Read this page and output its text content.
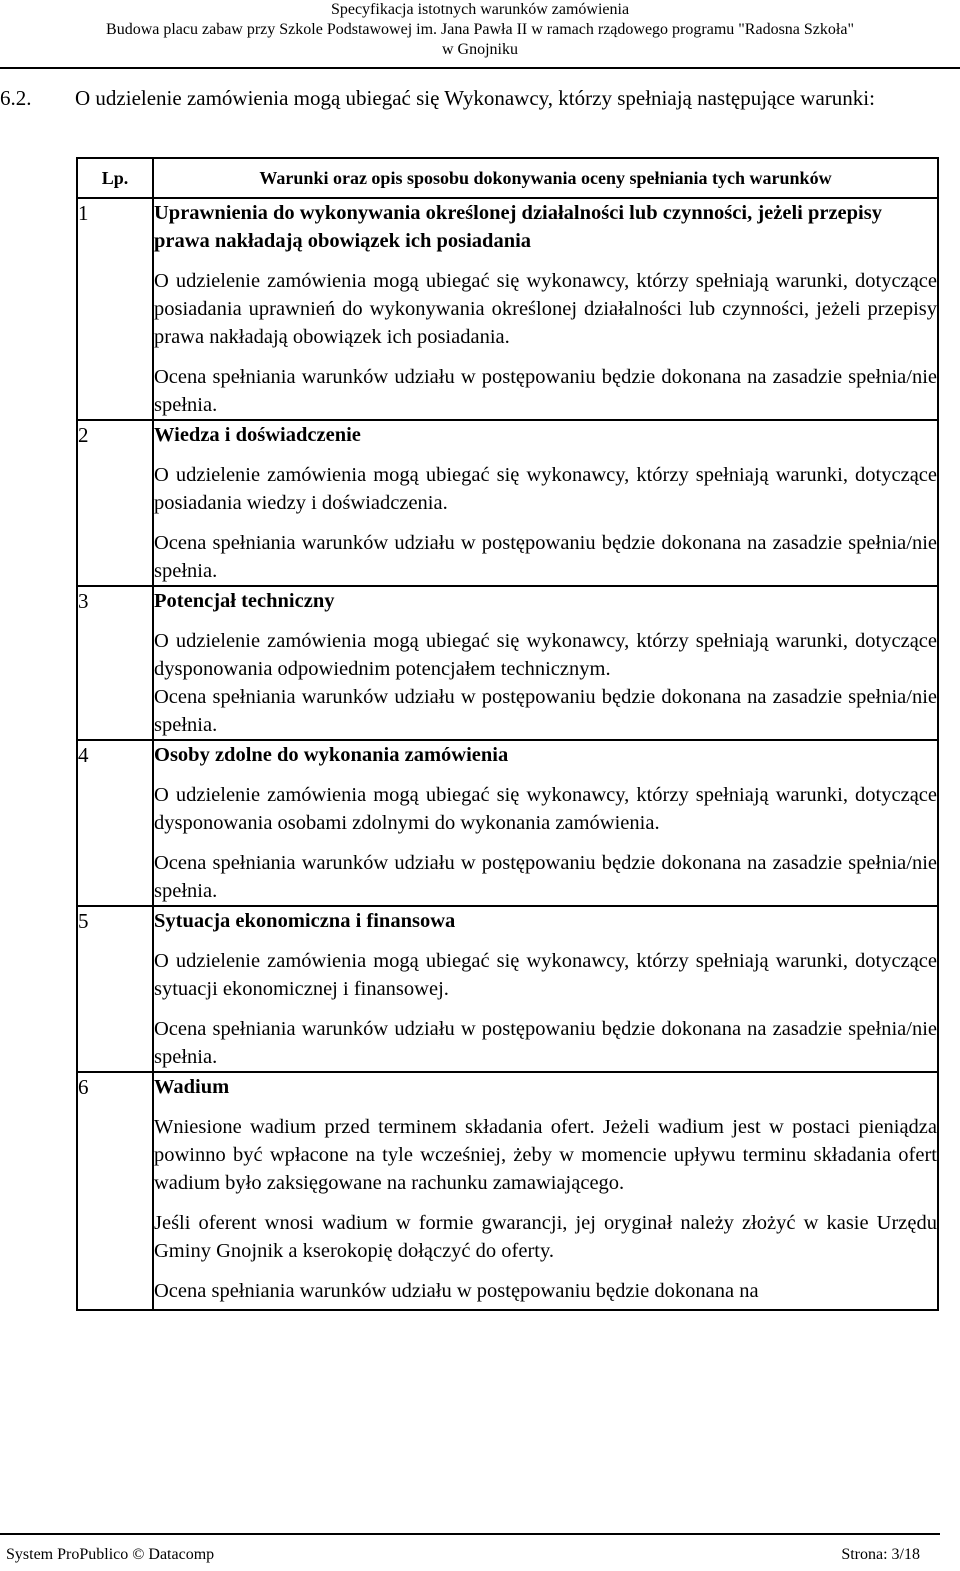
Specyfikacja istotnych warunków zamówienia
Budowa placu zabaw przy Szkole Podstawowej im. Jana Pawła II w ramach rządowego programu "Radosna Szkoła"
w Gnojniku
6.2. O udzielenie zamówienia mogą ubiegać się Wykonawcy, którzy spełniają następujące warunki:
Lp.	Warunki oraz opis sposobu dokonywania oceny spełniania tych warunków
1	Uprawnienia do wykonywania określonej działalności lub czynności, jeżeli przepisy prawa nakładają obowiązek ich posiadania
O udzielenie zamówienia mogą ubiegać się wykonawcy, którzy spełniają warunki, dotyczące posiadania uprawnień do wykonywania określonej działalności lub czynności, jeżeli przepisy prawa nakładają obowiązek ich posiadania.
Ocena spełniania warunków udziału w postępowaniu będzie dokonana na zasadzie spełnia/nie spełnia.

2	Wiedza i doświadczenie
O udzielenie zamówienia mogą ubiegać się wykonawcy, którzy spełniają warunki, dotyczące posiadania wiedzy i doświadczenia.
Ocena spełniania warunków udziału w postępowaniu będzie dokonana na zasadzie spełnia/nie spełnia.

3	Potencjał techniczny
O udzielenie zamówienia mogą ubiegać się wykonawcy, którzy spełniają warunki, dotyczące dysponowania odpowiednim potencjałem technicznym.
Ocena spełniania warunków udziału w postępowaniu będzie dokonana na zasadzie spełnia/nie spełnia.

4	Osoby zdolne do wykonania zamówienia
O udzielenie zamówienia mogą ubiegać się wykonawcy, którzy spełniają warunki, dotyczące dysponowania osobami zdolnymi do wykonania zamówienia.
Ocena spełniania warunków udziału w postępowaniu będzie dokonana na zasadzie spełnia/nie spełnia.

5	Sytuacja ekonomiczna i finansowa
O udzielenie zamówienia mogą ubiegać się wykonawcy, którzy spełniają warunki, dotyczące sytuacji ekonomicznej i finansowej.
Ocena spełniania warunków udziału w postępowaniu będzie dokonana na zasadzie spełnia/nie spełnia.

6	Wadium
Wniesione wadium przed terminem składania ofert. Jeżeli wadium jest w postaci pieniądza powinno być wpłacone na tyle wcześniej, żeby w momencie upływu terminu składania ofert wadium było zaksięgowane na rachunku zamawiającego.
Jeśli oferent wnosi wadium w formie gwarancji, jej oryginał należy złożyć w kasie Urzędu Gminy Gnojnik a kserokopię dołączyć do oferty.
Ocena spełniania warunków udziału w postępowaniu będzie dokonana na
System ProPublico © Datacomp	Strona: 3/18
